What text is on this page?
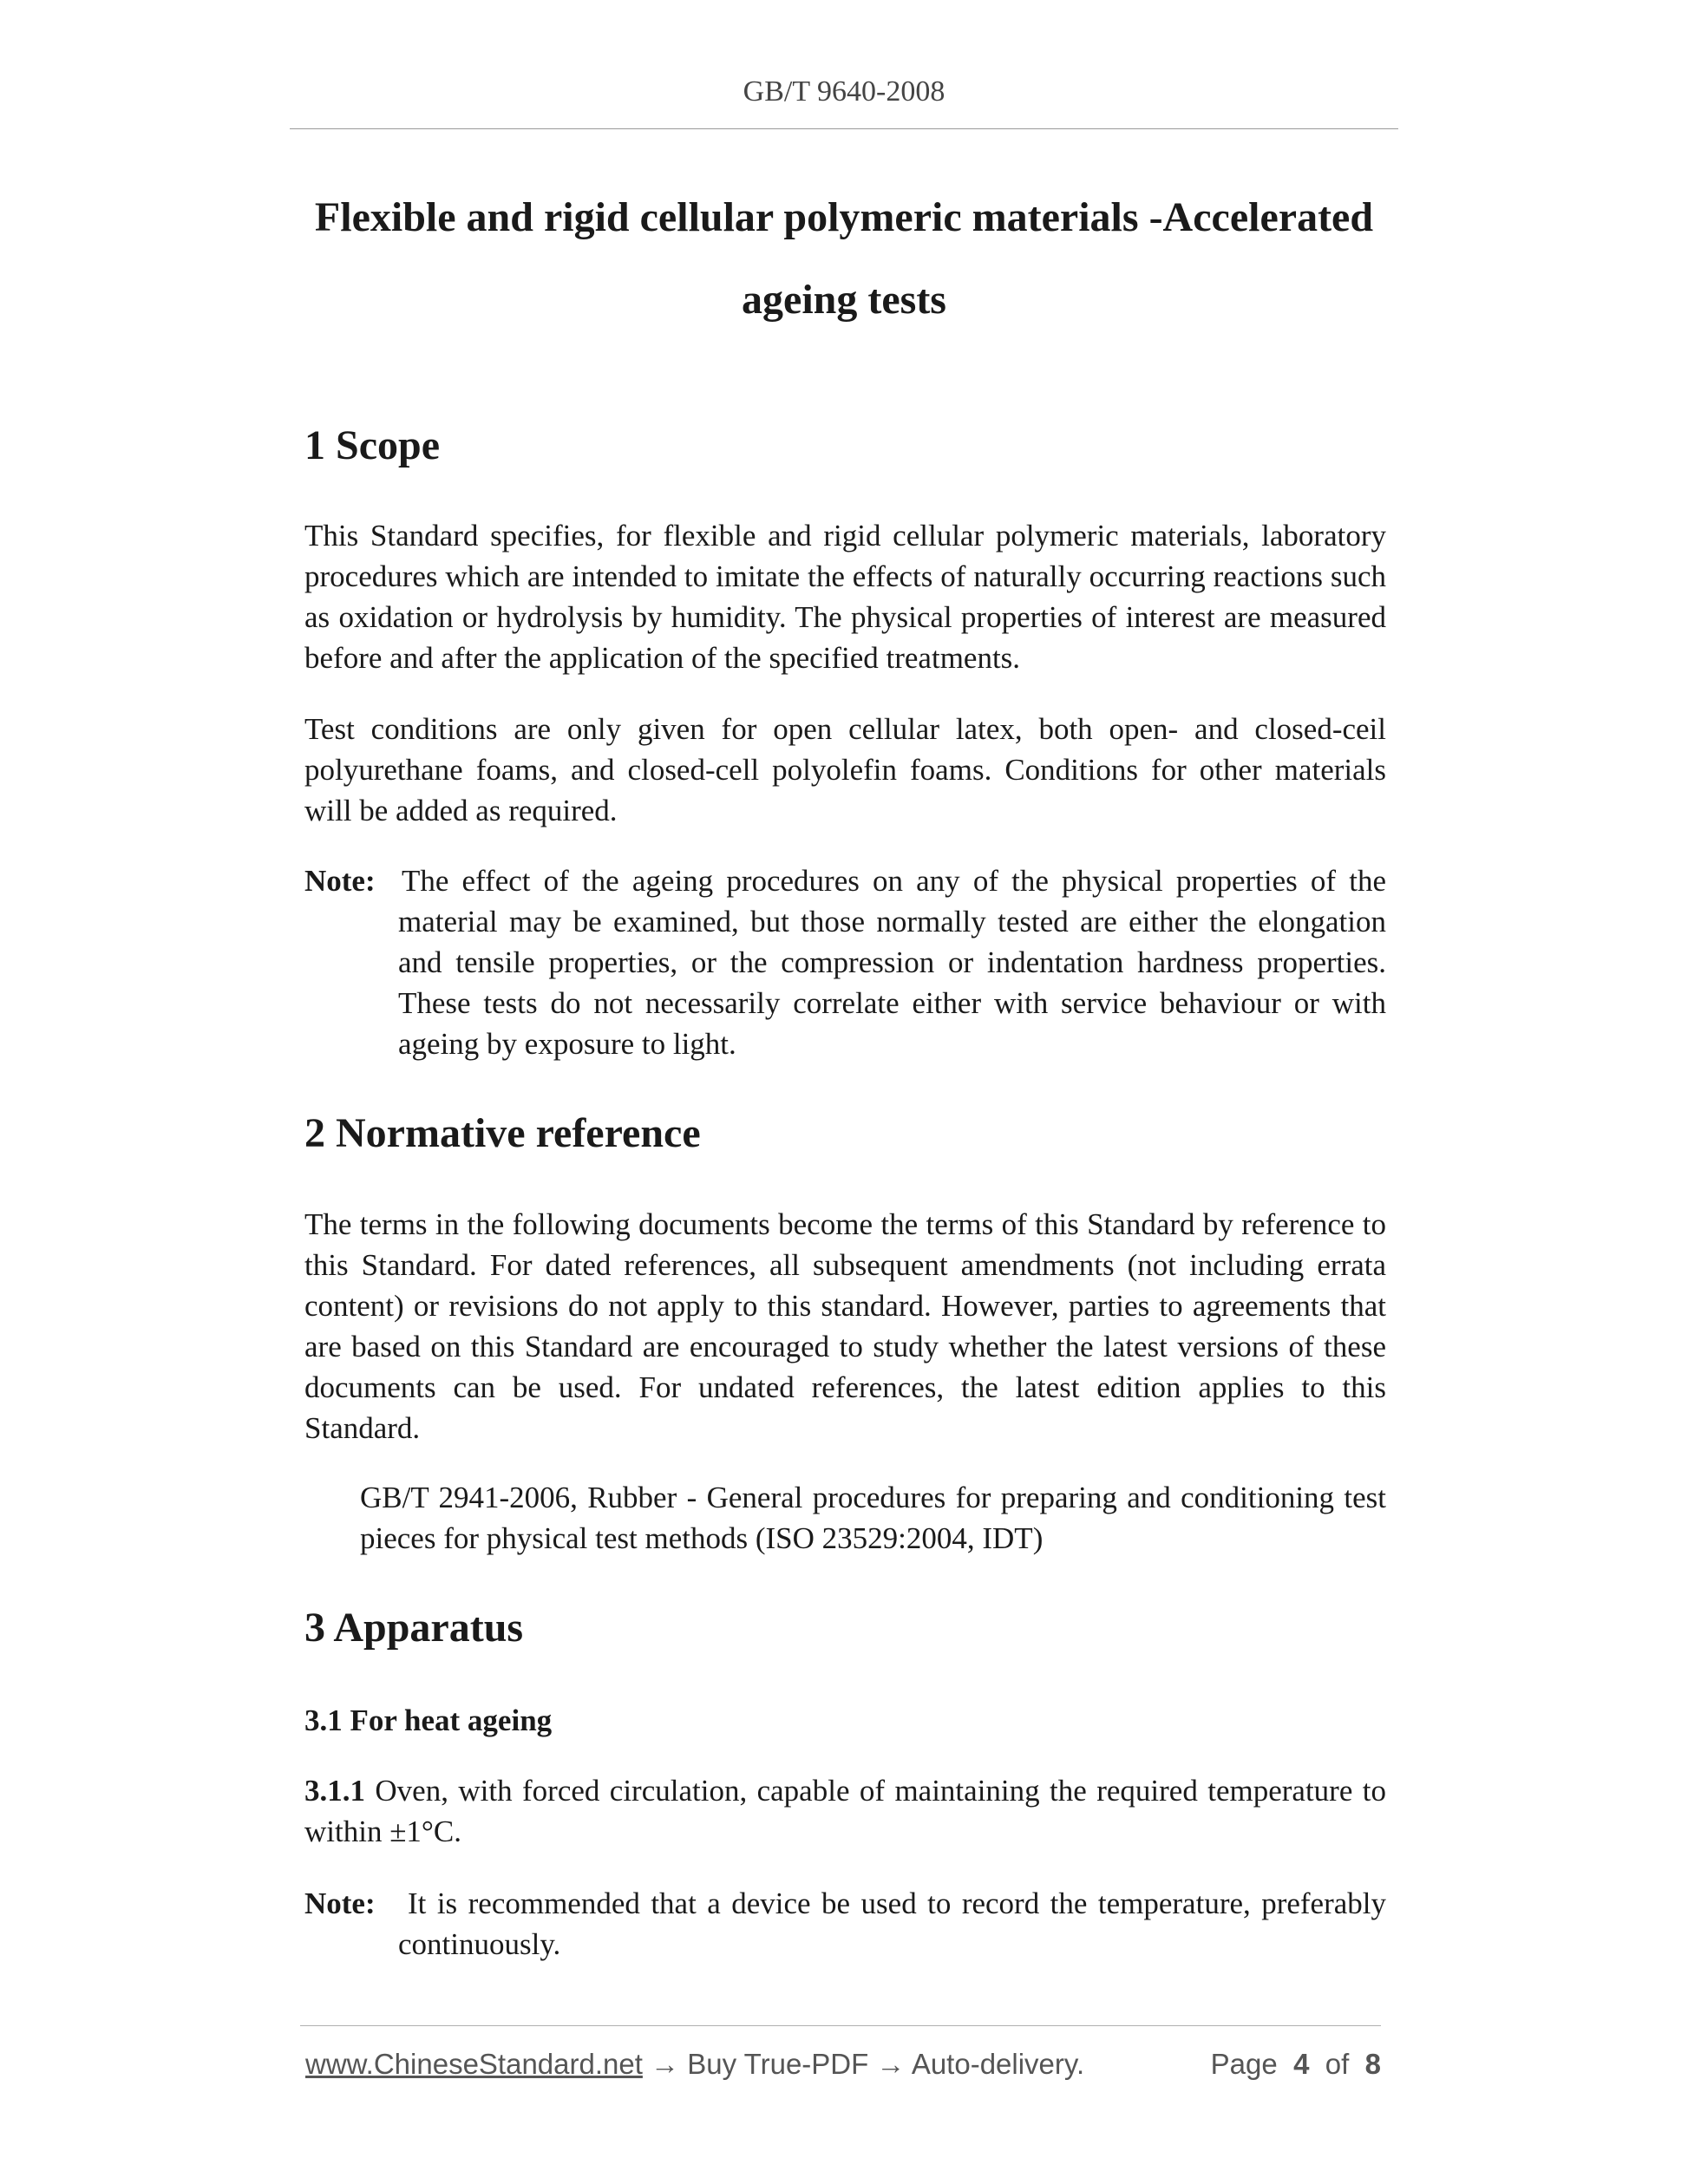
GB/T 9640-2008
Flexible and rigid cellular polymeric materials -Accelerated ageing tests
1 Scope

This Standard specifies, for flexible and rigid cellular polymeric materials, laboratory procedures which are intended to imitate the effects of naturally occurring reactions such as oxidation or hydrolysis by humidity. The physical properties of interest are measured before and after the application of the specified treatments.

Test conditions are only given for open cellular latex, both open- and closed-ceil polyurethane foams, and closed-cell polyolefin foams. Conditions for other materials will be added as required.

Note: The effect of the ageing procedures on any of the physical properties of the material may be examined, but those normally tested are either the elongation and tensile properties, or the compression or indentation hardness properties. These tests do not necessarily correlate either with service behaviour or with ageing by exposure to light.

2 Normative reference

The terms in the following documents become the terms of this Standard by reference to this Standard. For dated references, all subsequent amendments (not including errata content) or revisions do not apply to this standard. However, parties to agreements that are based on this Standard are encouraged to study whether the latest versions of these documents can be used. For undated references, the latest edition applies to this Standard.

GB/T 2941-2006, Rubber - General procedures for preparing and conditioning test pieces for physical test methods (ISO 23529:2004, IDT)

3 Apparatus
3.1 For heat ageing

3.1.1 Oven, with forced circulation, capable of maintaining the required temperature to within ±1°C.

Note: It is recommended that a device be used to record the temperature, preferably continuously.

www.ChineseStandard.net → Buy True-PDF → Auto-delivery.	Page 4 of 8
